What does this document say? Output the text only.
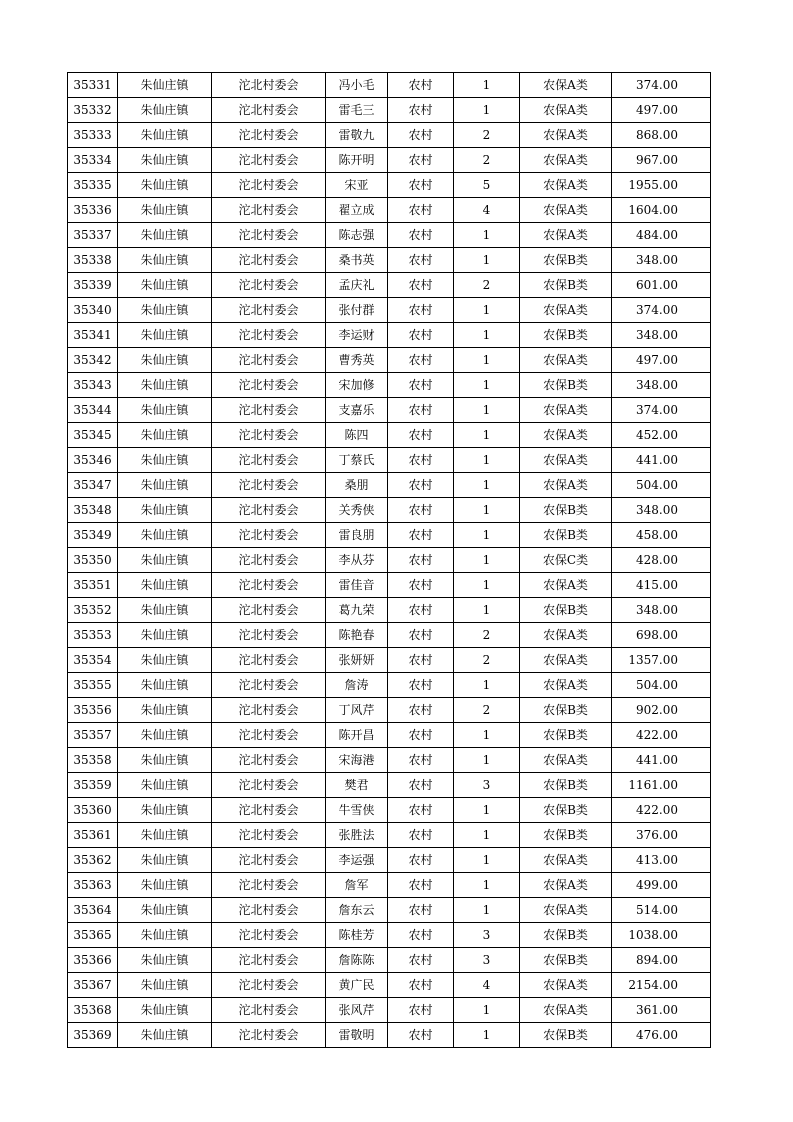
35331	朱仙庄镇	沱北村委会	冯小毛	农村	1	农保A类	374.00
35332	朱仙庄镇	沱北村委会	雷毛三	农村	1	农保A类	497.00
35333	朱仙庄镇	沱北村委会	雷敬九	农村	2	农保A类	868.00
35334	朱仙庄镇	沱北村委会	陈开明	农村	2	农保A类	967.00
35335	朱仙庄镇	沱北村委会	宋亚	农村	5	农保A类	1955.00
35336	朱仙庄镇	沱北村委会	翟立成	农村	4	农保A类	1604.00
35337	朱仙庄镇	沱北村委会	陈志强	农村	1	农保A类	484.00
35338	朱仙庄镇	沱北村委会	桑书英	农村	1	农保B类	348.00
35339	朱仙庄镇	沱北村委会	孟庆礼	农村	2	农保B类	601.00
35340	朱仙庄镇	沱北村委会	张付群	农村	1	农保A类	374.00
35341	朱仙庄镇	沱北村委会	李运财	农村	1	农保B类	348.00
35342	朱仙庄镇	沱北村委会	曹秀英	农村	1	农保A类	497.00
35343	朱仙庄镇	沱北村委会	宋加修	农村	1	农保B类	348.00
35344	朱仙庄镇	沱北村委会	支嘉乐	农村	1	农保A类	374.00
35345	朱仙庄镇	沱北村委会	陈四	农村	1	农保A类	452.00
35346	朱仙庄镇	沱北村委会	丁蔡氏	农村	1	农保A类	441.00
35347	朱仙庄镇	沱北村委会	桑朋	农村	1	农保A类	504.00
35348	朱仙庄镇	沱北村委会	关秀侠	农村	1	农保B类	348.00
35349	朱仙庄镇	沱北村委会	雷良朋	农村	1	农保B类	458.00
35350	朱仙庄镇	沱北村委会	李从芬	农村	1	农保C类	428.00
35351	朱仙庄镇	沱北村委会	雷佳音	农村	1	农保A类	415.00
35352	朱仙庄镇	沱北村委会	葛九荣	农村	1	农保B类	348.00
35353	朱仙庄镇	沱北村委会	陈艳春	农村	2	农保A类	698.00
35354	朱仙庄镇	沱北村委会	张妍妍	农村	2	农保A类	1357.00
35355	朱仙庄镇	沱北村委会	詹涛	农村	1	农保A类	504.00
35356	朱仙庄镇	沱北村委会	丁风芹	农村	2	农保B类	902.00
35357	朱仙庄镇	沱北村委会	陈开昌	农村	1	农保B类	422.00
35358	朱仙庄镇	沱北村委会	宋海港	农村	1	农保A类	441.00
35359	朱仙庄镇	沱北村委会	樊君	农村	3	农保B类	1161.00
35360	朱仙庄镇	沱北村委会	牛雪侠	农村	1	农保B类	422.00
35361	朱仙庄镇	沱北村委会	张胜法	农村	1	农保B类	376.00
35362	朱仙庄镇	沱北村委会	李运强	农村	1	农保A类	413.00
35363	朱仙庄镇	沱北村委会	詹军	农村	1	农保A类	499.00
35364	朱仙庄镇	沱北村委会	詹东云	农村	1	农保A类	514.00
35365	朱仙庄镇	沱北村委会	陈桂芳	农村	3	农保B类	1038.00
35366	朱仙庄镇	沱北村委会	詹陈陈	农村	3	农保B类	894.00
35367	朱仙庄镇	沱北村委会	黄广民	农村	4	农保A类	2154.00
35368	朱仙庄镇	沱北村委会	张风芹	农村	1	农保A类	361.00
35369	朱仙庄镇	沱北村委会	雷敬明	农村	1	农保B类	476.00
